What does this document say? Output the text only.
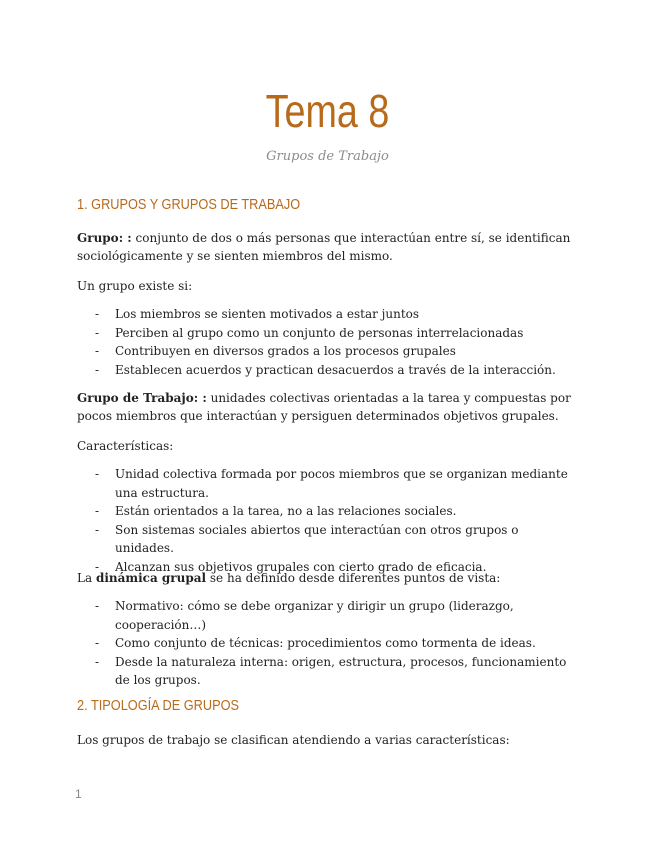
Tema 8
Grupos de Trabajo
1. GRUPOS Y GRUPOS DE TRABAJO
Grupo: : conjunto de dos o más personas que interactúan entre sí, se identifican sociológicamente y se sienten miembros del mismo.
Un grupo existe si:
- Los miembros se sienten motivados a estar juntos
- Perciben al grupo como un conjunto de personas interrelacionadas
- Contribuyen en diversos grados a los procesos grupales
- Establecen acuerdos y practican desacuerdos a través de la interacción.
Grupo de Trabajo: : unidades colectivas orientadas a la tarea y compuestas por pocos miembros que interactúan y persiguen determinados objetivos grupales.
Características:
- Unidad colectiva formada por pocos miembros que se organizan mediante una estructura.
- Están orientados a la tarea, no a las relaciones sociales.
- Son sistemas sociales abiertos que interactúan con otros grupos o unidades.
- Alcanzan sus objetivos grupales con cierto grado de eficacia.
La dinámica grupal se ha definido desde diferentes puntos de vista:
- Normativo: cómo se debe organizar y dirigir un grupo (liderazgo, cooperación…)
- Como conjunto de técnicas: procedimientos como tormenta de ideas.
- Desde la naturaleza interna: origen, estructura, procesos, funcionamiento de los grupos.
2. TIPOLOGÍA DE GRUPOS
Los grupos de trabajo se clasifican atendiendo a varias características:
1
